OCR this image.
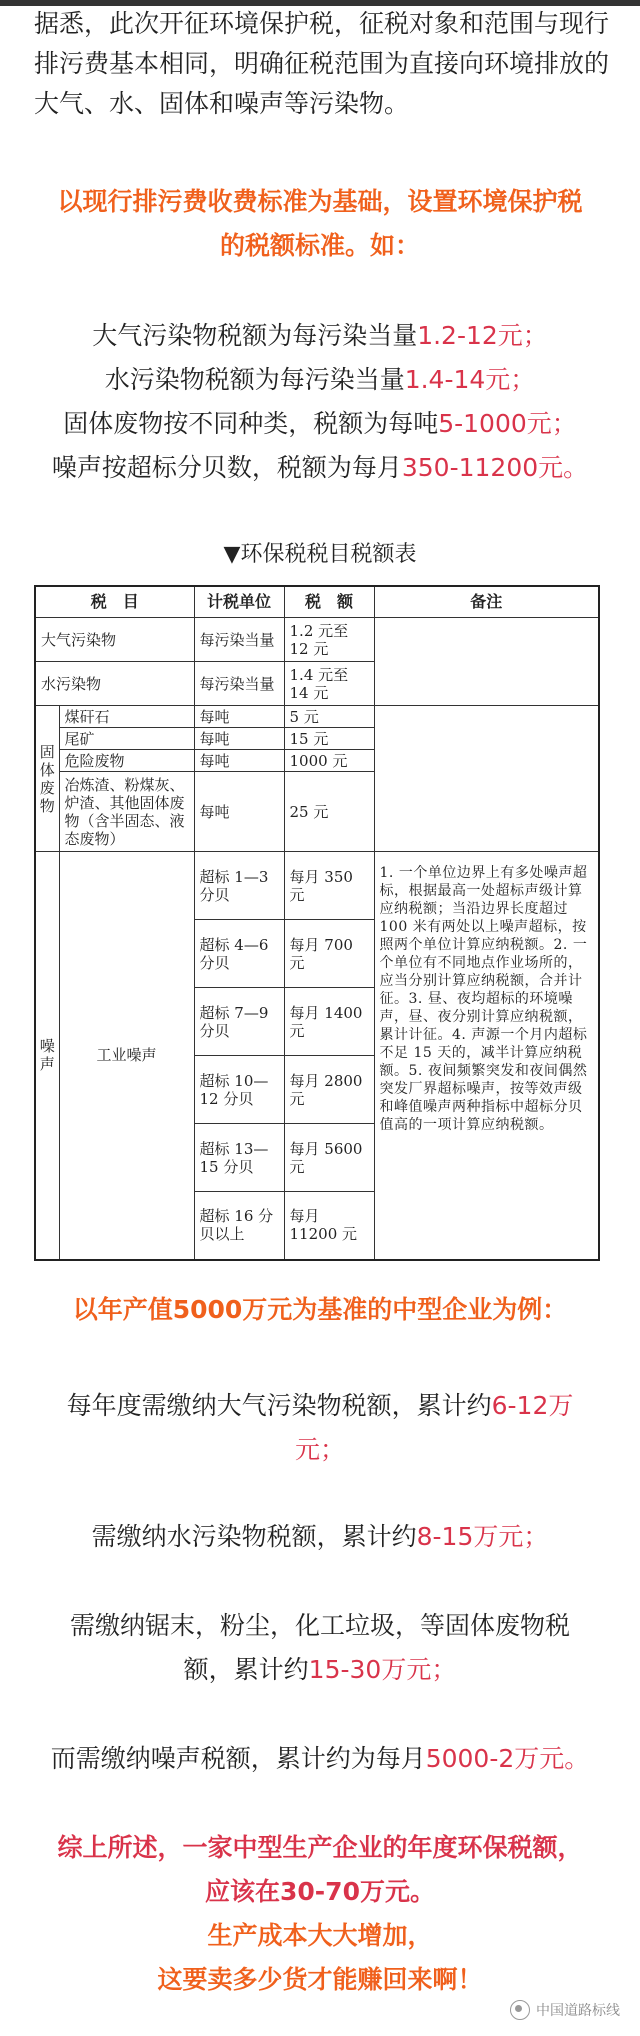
据悉，此次开征环境保护税，征税对象和范围与现行排污费基本相同，明确征税范围为直接向环境排放的大气、水、固体和噪声等污染物。
以现行排污费收费标准为基础，设置环境保护税的税额标准。如：
大气污染物税额为每污染当量1.2-12元；
水污染物税额为每污染当量1.4-14元；
固体废物按不同种类，税额为每吨5-1000元；
噪声按超标分贝数，税额为每月350-11200元。
▼环保税税目税额表
税　目		计税单位	税　额	备注
大气污染物		每污染当量	1.2 元至 12 元	
水污染物		每污染当量	1.4 元至 14 元	
固体废物	煤矸石	每吨	5 元	
	尾矿	每吨	15 元	
	危险废物	每吨	1000 元	
	冶炼渣、粉煤灰、炉渣、其他固体废物（含半固态、液态废物）	每吨	25 元	
噪声	工业噪声	超标 1—3 分贝	每月 350 元	1. 一个单位边界上有多处噪声超标，根据最高一处超标声级计算应纳税额；当沿边界长度超过 100 米有两处以上噪声超标，按照两个单位计算应纳税额。2. 一个单位有不同地点作业场所的，应当分别计算应纳税额，合并计征。3. 昼、夜均超标的环境噪声，昼、夜分别计算应纳税额，累计计征。4. 声源一个月内超标不足 15 天的，减半计算应纳税额。5. 夜间频繁突发和夜间偶然突发厂界超标噪声，按等效声级和峰值噪声两种指标中超标分贝值高的一项计算应纳税额。
		超标 4—6 分贝	每月 700 元	
		超标 7—9 分贝	每月 1400 元	
		超标 10—12 分贝	每月 2800 元	
		超标 13—15 分贝	每月 5600 元	
		超标 16 分贝以上	每月 11200 元	
以年产值5000万元为基准的中型企业为例：
每年度需缴纳大气污染物税额，累计约6-12万元；
需缴纳水污染物税额，累计约8-15万元；
需缴纳锯末，粉尘，化工垃圾，等固体废物税额，累计约15-30万元；
而需缴纳噪声税额，累计约为每月5000-2万元。
综上所述，一家中型生产企业的年度环保税额，
应该在30-70万元。
生产成本大大增加，
这要卖多少货才能赚回来啊！
中国道路标线
